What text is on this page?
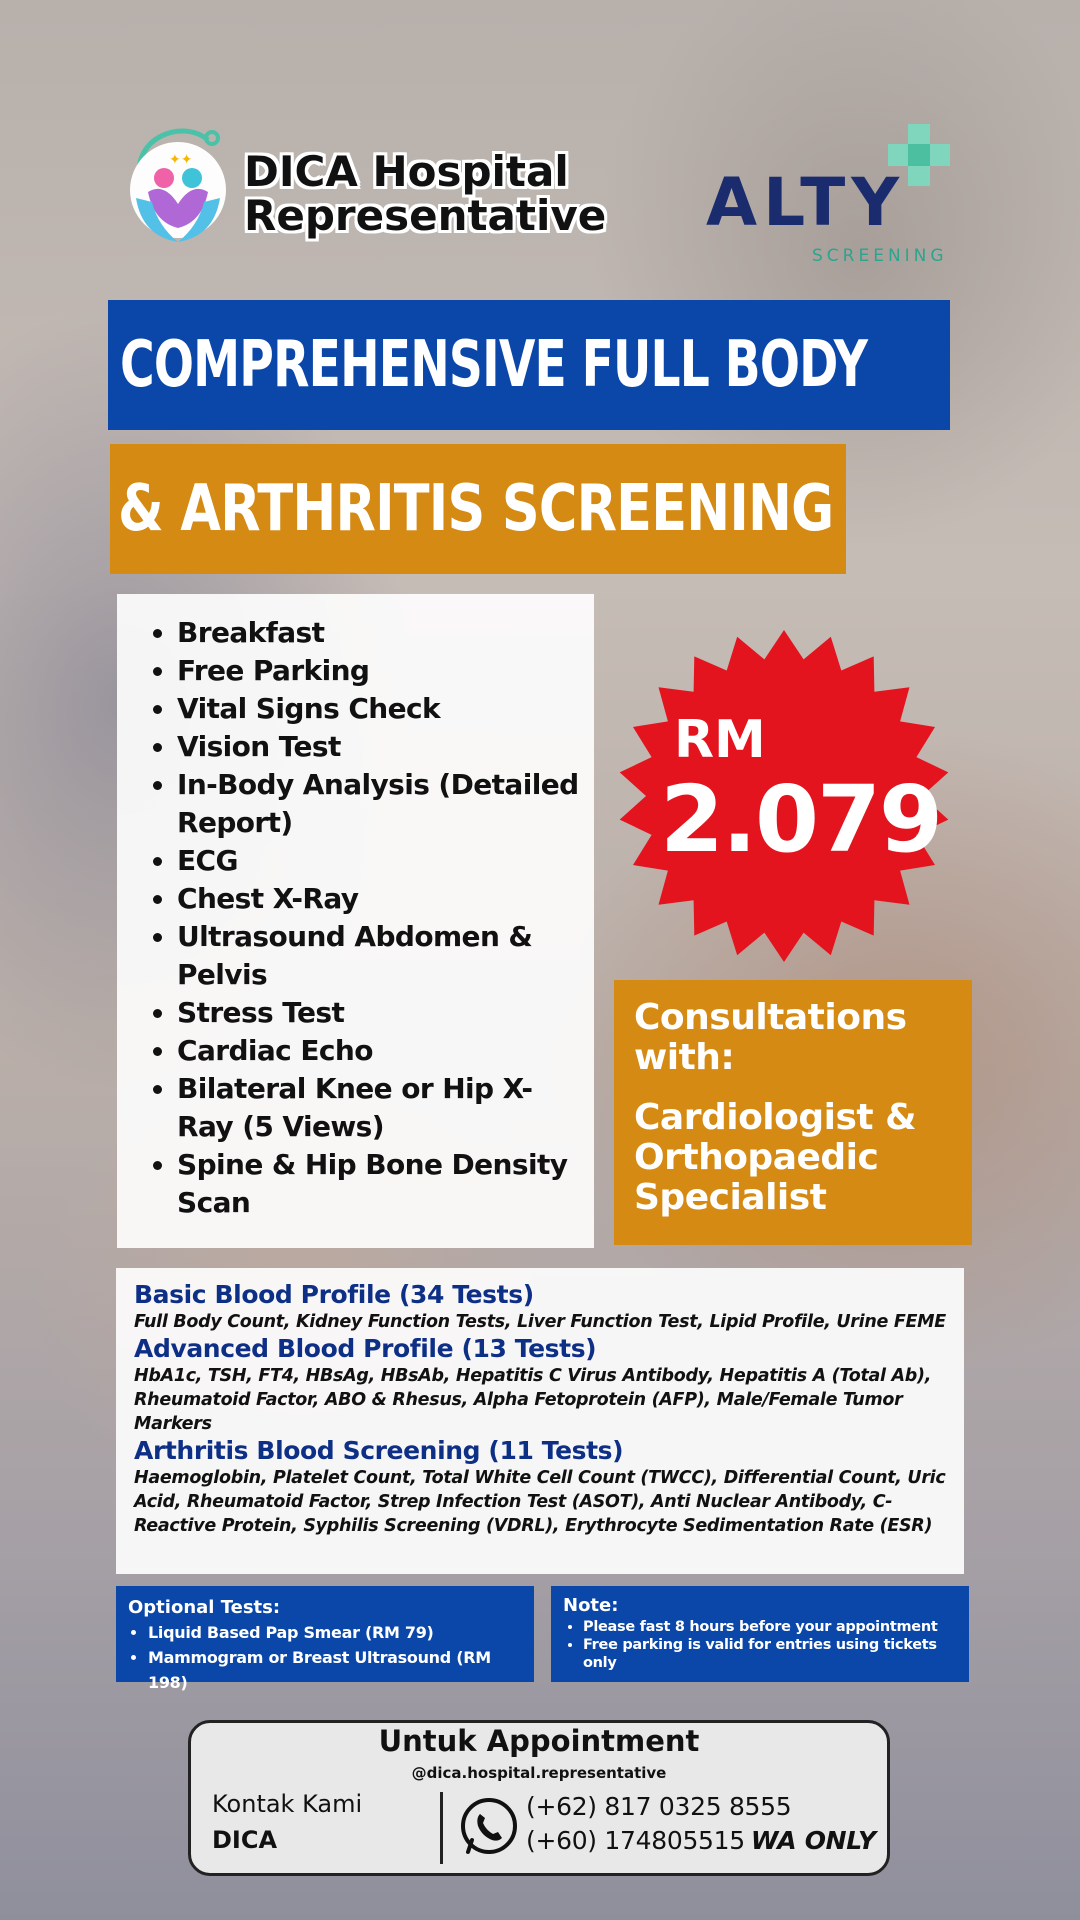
✦✦ DICA Hospital
Representative ALTY
SCREENING
COMPREHENSIVE FULL BODY
& ARTHRITIS SCREENING
• Breakfast
• Free Parking
• Vital Signs Check
• Vision Test
• In-Body Analysis (Detailed Report)
• ECG
• Chest X-Ray
• Ultrasound Abdomen & Pelvis
• Stress Test
• Cardiac Echo
• Bilateral Knee or Hip X-Ray (5 Views)
• Spine & Hip Bone Density Scan
RM
2.079
Consultations with:
Cardiologist & Orthopaedic Specialist
Basic Blood Profile (34 Tests)
Full Body Count, Kidney Function Tests, Liver Function Test, Lipid Profile, Urine FEME
Advanced Blood Profile (13 Tests)
HbA1c, TSH, FT4, HBsAg, HBsAb, Hepatitis C Virus Antibody, Hepatitis A (Total Ab), Rheumatoid Factor, ABO & Rhesus, Alpha Fetoprotein (AFP), Male/Female Tumor Markers
Arthritis Blood Screening (11 Tests)
Haemoglobin, Platelet Count, Total White Cell Count (TWCC), Differential Count, Uric Acid, Rheumatoid Factor, Strep Infection Test (ASOT), Anti Nuclear Antibody, C-Reactive Protein, Syphilis Screening (VDRL), Erythrocyte Sedimentation Rate (ESR)
Optional Tests:
• Liquid Based Pap Smear (RM 79)
• Mammogram or Breast Ultrasound (RM 198)
Note:
• Please fast 8 hours before your appointment
• Free parking is valid for entries using tickets only
Untuk Appointment
@dica.hospital.representative
Kontak Kami
DICA
(+62) 817 0325 8555
(+60) 174805515 WA ONLY
